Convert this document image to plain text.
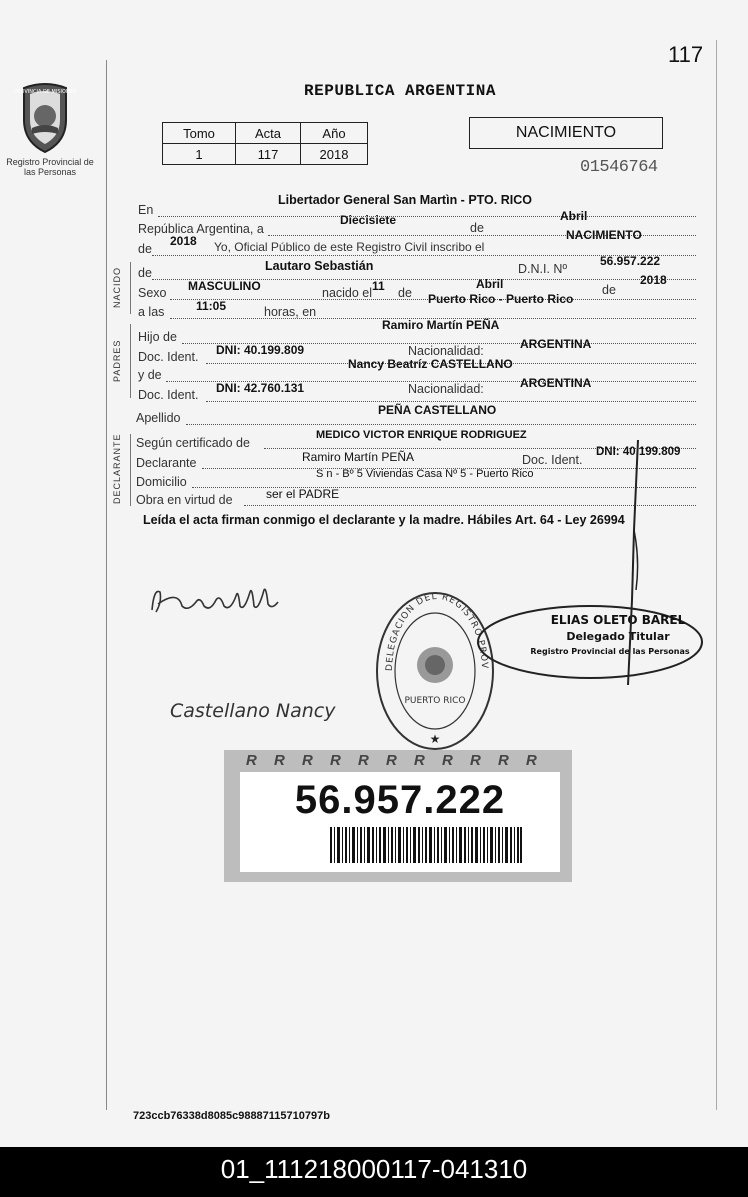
117
PROVINCIA DE MISIONES
Registro Provincial de las Personas
REPUBLICA ARGENTINA
Tomo	Acta	Año
1	117	2018
NACIMIENTO
01546764
NACIDO
PADRES
DECLARANTE
En
Libertador General San Martìn - PTO. RICO
República Argentina, a
Diecisiete
de
Abril
de
2018 Yo, Oficial Público de este Registro Civil inscribo el
NACIMIENTO
de	Lautaro Sebastián	D.N.I. Nº
56.957.222
Sexo MASCULINO	nacido el 11 de
Abril	de
2018
a las	11:05	horas, en
Puerto Rico - Puerto Rico
Hijo de
Ramiro Martín PEÑA
Doc. Ident. DNI: 40.199.809	Nacionalidad:	ARGENTINA
y de
Nancy Beatríz CASTELLANO
Doc. Ident. DNI: 42.760.131	Nacionalidad:	ARGENTINA
Apellido
PEÑA CASTELLANO
Según certificado de
MEDICO VICTOR ENRIQUE RODRIGUEZ
Declarante	Ramiro Martín PEÑA	Doc. Ident.
DNI: 40.199.809
Domicilio
S n - Bº 5 Viviendas Casa Nº 5 - Puerto Rico
Obra en virtud de	ser el PADRE
Leída el acta firman conmigo el declarante y la madre. Hábiles Art. 64 - Ley 26994
Castellano Nancy
DELEGACION DEL REGISTRO PROV
PUERTO RICO
★
ELIAS OLETO BAREL
Delegado Titular
Registro Provincial de las Personas
R R R R R R R R R R R
56.957.222
723ccb76338d8085c98887115710797b
01_111218000117-041310
